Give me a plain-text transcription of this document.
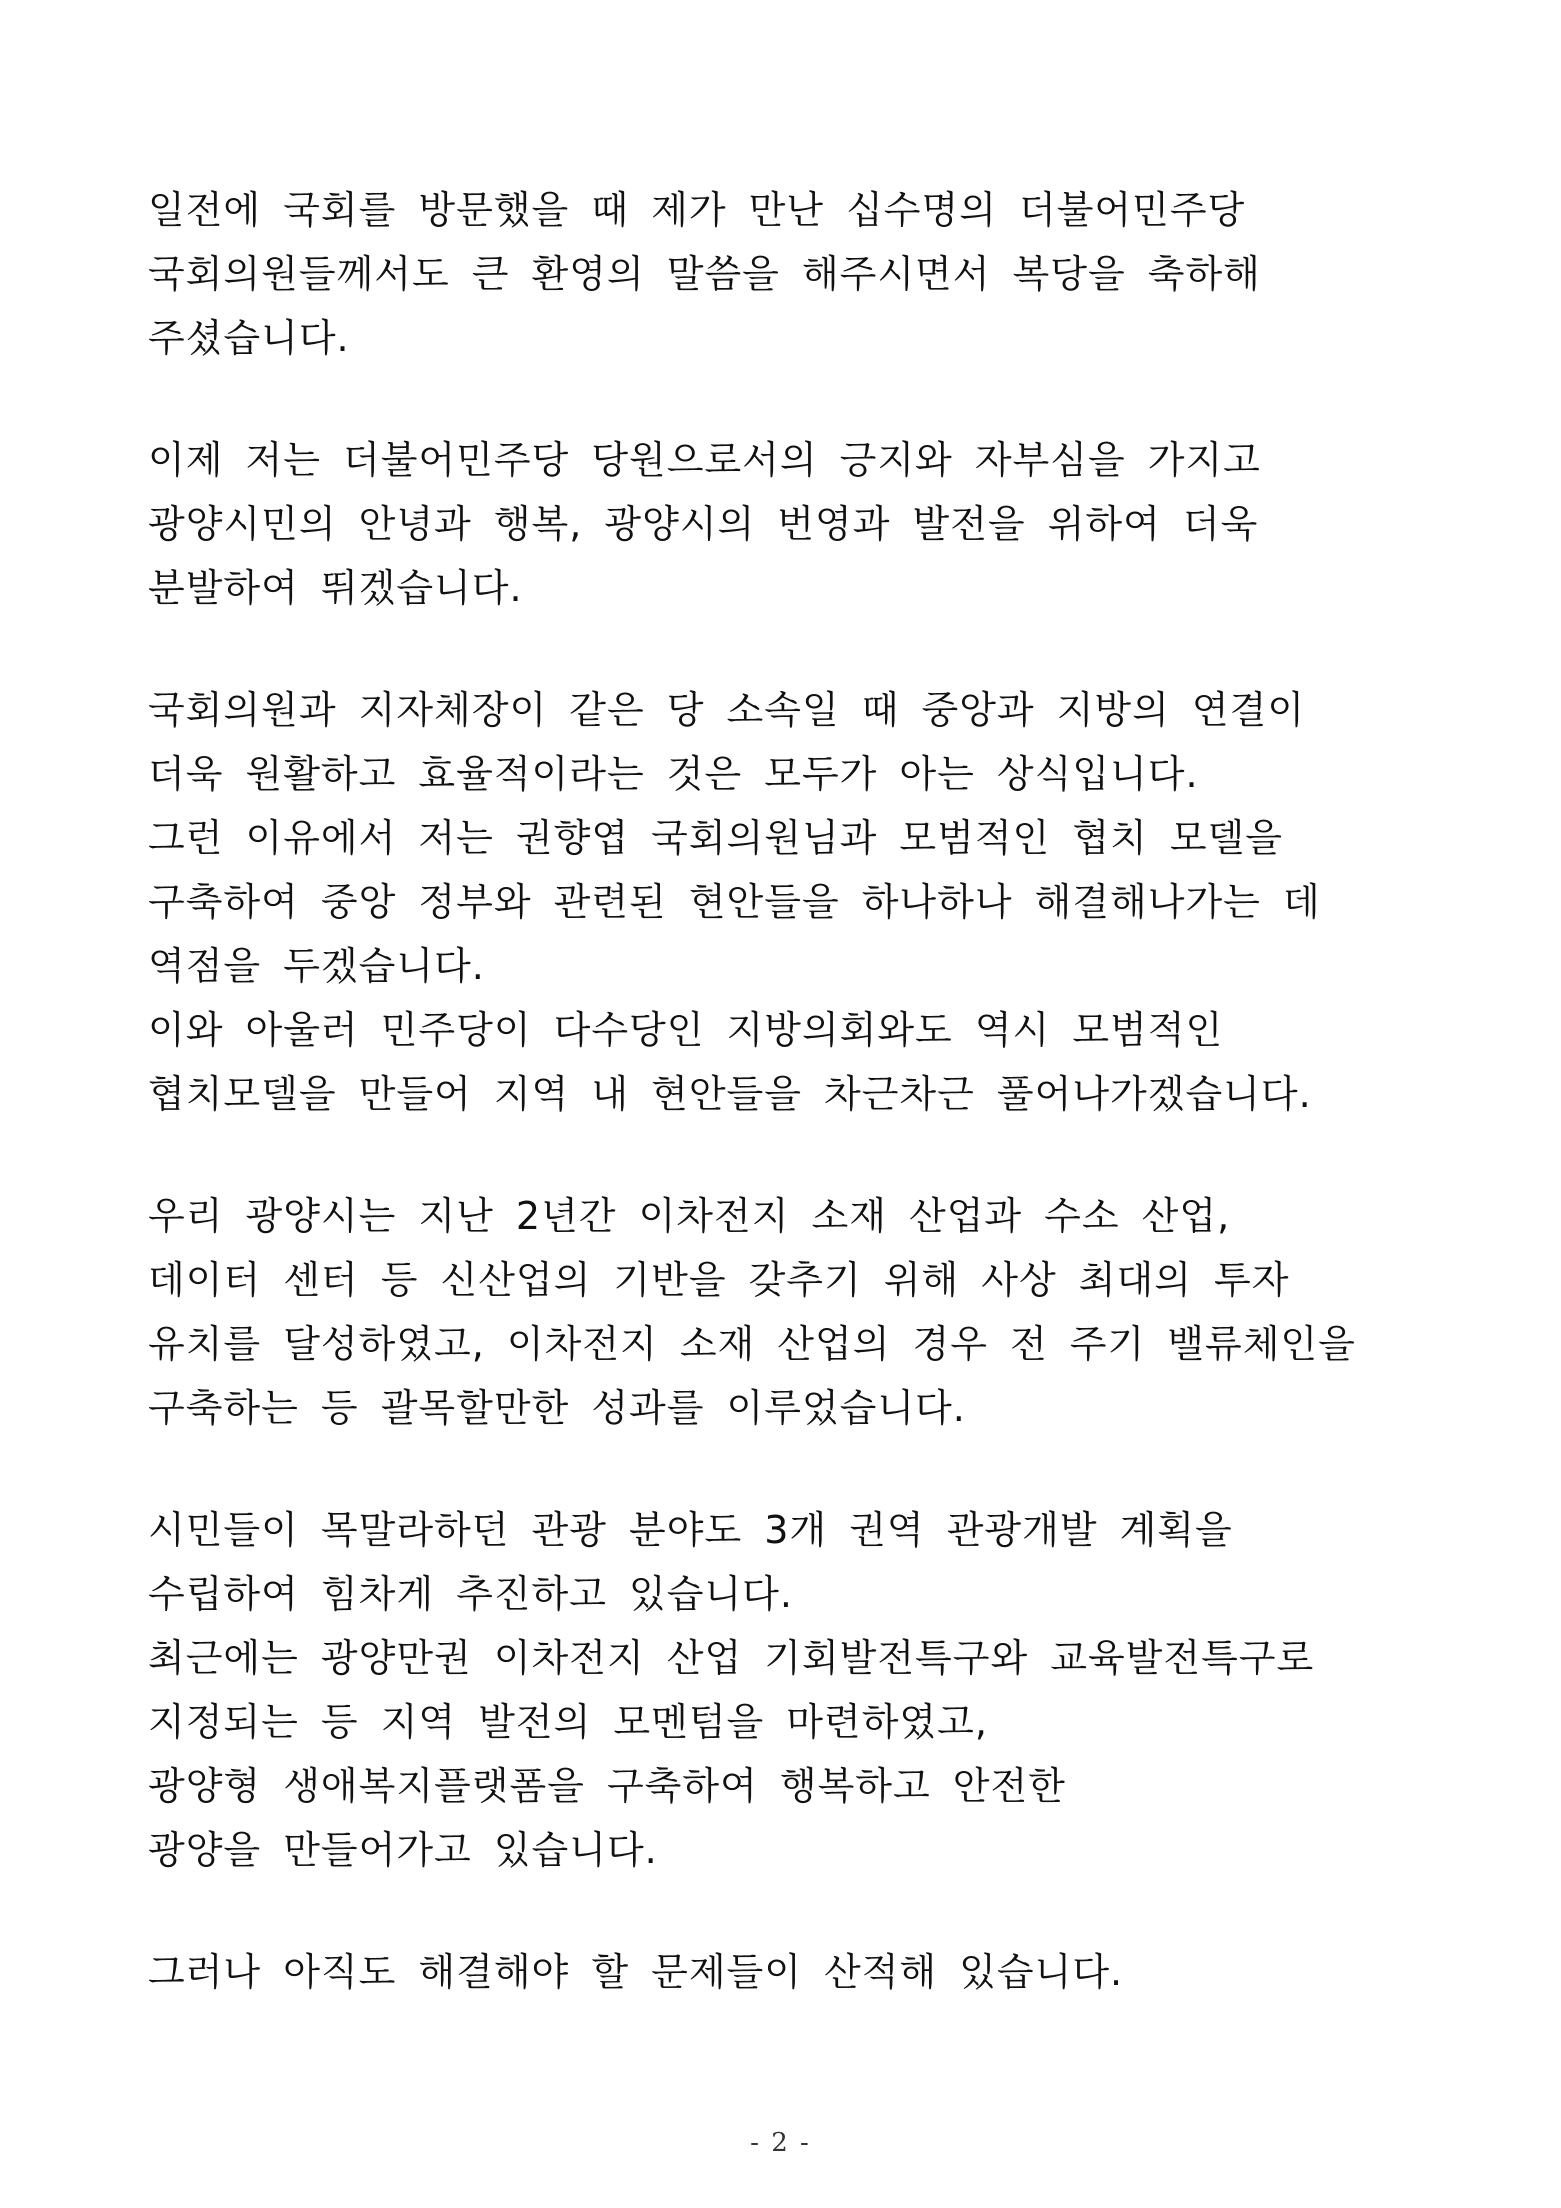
일전에 국회를 방문했을 때 제가 만난 십수명의 더불어민주당
국회의원들께서도 큰 환영의 말씀을 해주시면서 복당을 축하해
주셨습니다.
이제 저는 더불어민주당 당원으로서의 긍지와 자부심을 가지고
광양시민의 안녕과 행복, 광양시의 번영과 발전을 위하여 더욱
분발하여 뛰겠습니다.
국회의원과 지자체장이 같은 당 소속일 때 중앙과 지방의 연결이
더욱 원활하고 효율적이라는 것은 모두가 아는 상식입니다.
그런 이유에서 저는 권향엽 국회의원님과 모범적인 협치 모델을
구축하여 중앙 정부와 관련된 현안들을 하나하나 해결해나가는 데
역점을 두겠습니다.
이와 아울러 민주당이 다수당인 지방의회와도 역시 모범적인
협치모델을 만들어 지역 내 현안들을 차근차근 풀어나가겠습니다.
우리 광양시는 지난 2년간 이차전지 소재 산업과 수소 산업,
데이터 센터 등 신산업의 기반을 갖추기 위해 사상 최대의 투자
유치를 달성하였고, 이차전지 소재 산업의 경우 전 주기 밸류체인을
구축하는 등 괄목할만한 성과를 이루었습니다.
시민들이 목말라하던 관광 분야도 3개 권역 관광개발 계획을
수립하여 힘차게 추진하고 있습니다.
최근에는 광양만권 이차전지 산업 기회발전특구와 교육발전특구로
지정되는 등 지역 발전의 모멘텀을 마련하였고,
광양형 생애복지플랫폼을 구축하여 행복하고 안전한
광양을 만들어가고 있습니다.
그러나 아직도 해결해야 할 문제들이 산적해 있습니다.
- 2 -
